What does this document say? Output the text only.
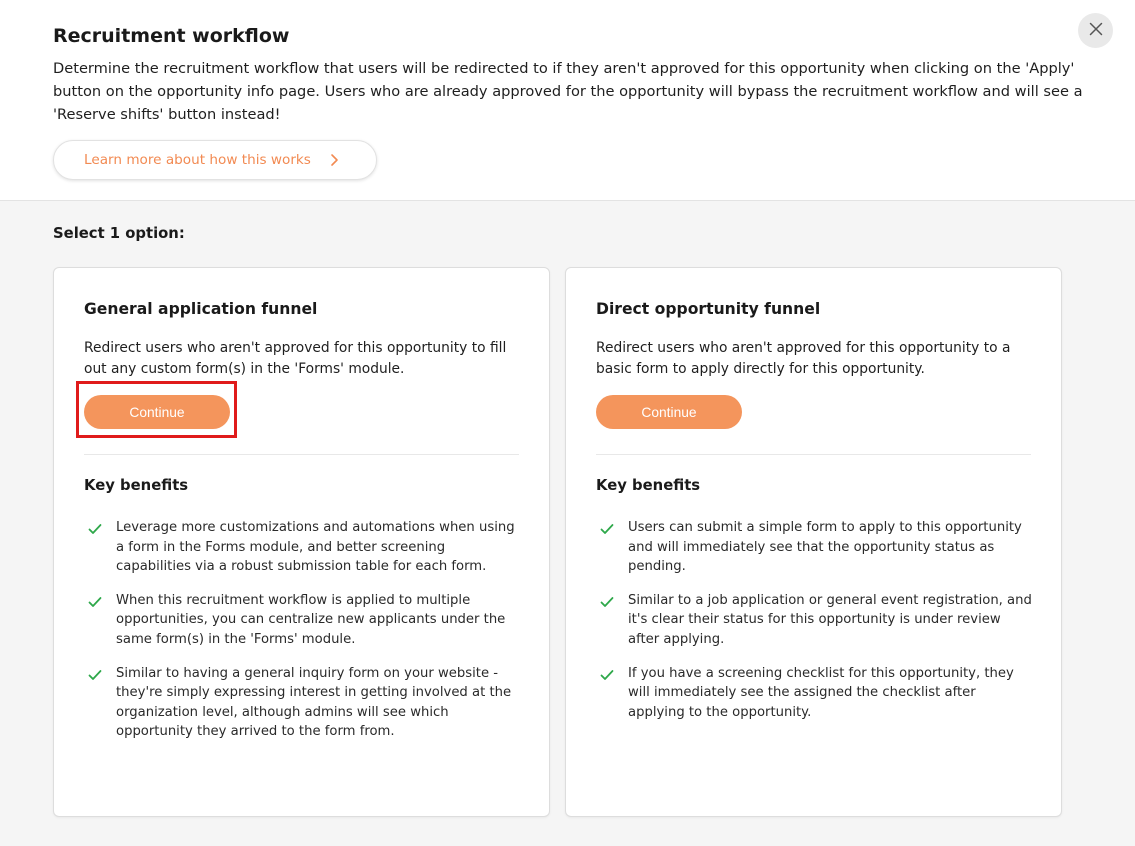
Recruitment workflow
Determine the recruitment workflow that users will be redirected to if they aren't approved for this opportunity when clicking on the 'Apply' button on the opportunity info page. Users who are already approved for the opportunity will bypass the recruitment workflow and will see a 'Reserve shifts' button instead!
Learn more about how this works
Select 1 option:
General application funnel
Redirect users who aren't approved for this opportunity to fill out any custom form(s) in the 'Forms' module.
Continue
Key benefits
Leverage more customizations and automations when using a form in the Forms module, and better screening capabilities via a robust submission table for each form.
When this recruitment workflow is applied to multiple opportunities, you can centralize new applicants under the same form(s) in the 'Forms' module.
Similar to having a general inquiry form on your website - they're simply expressing interest in getting involved at the organization level, although admins will see which opportunity they arrived to the form from.
Direct opportunity funnel
Redirect users who aren't approved for this opportunity to a basic form to apply directly for this opportunity.
Continue
Key benefits
Users can submit a simple form to apply to this opportunity and will immediately see that the opportunity status as pending.
Similar to a job application or general event registration, and it's clear their status for this opportunity is under review after applying.
If you have a screening checklist for this opportunity, they will immediately see the assigned the checklist after applying to the opportunity.
